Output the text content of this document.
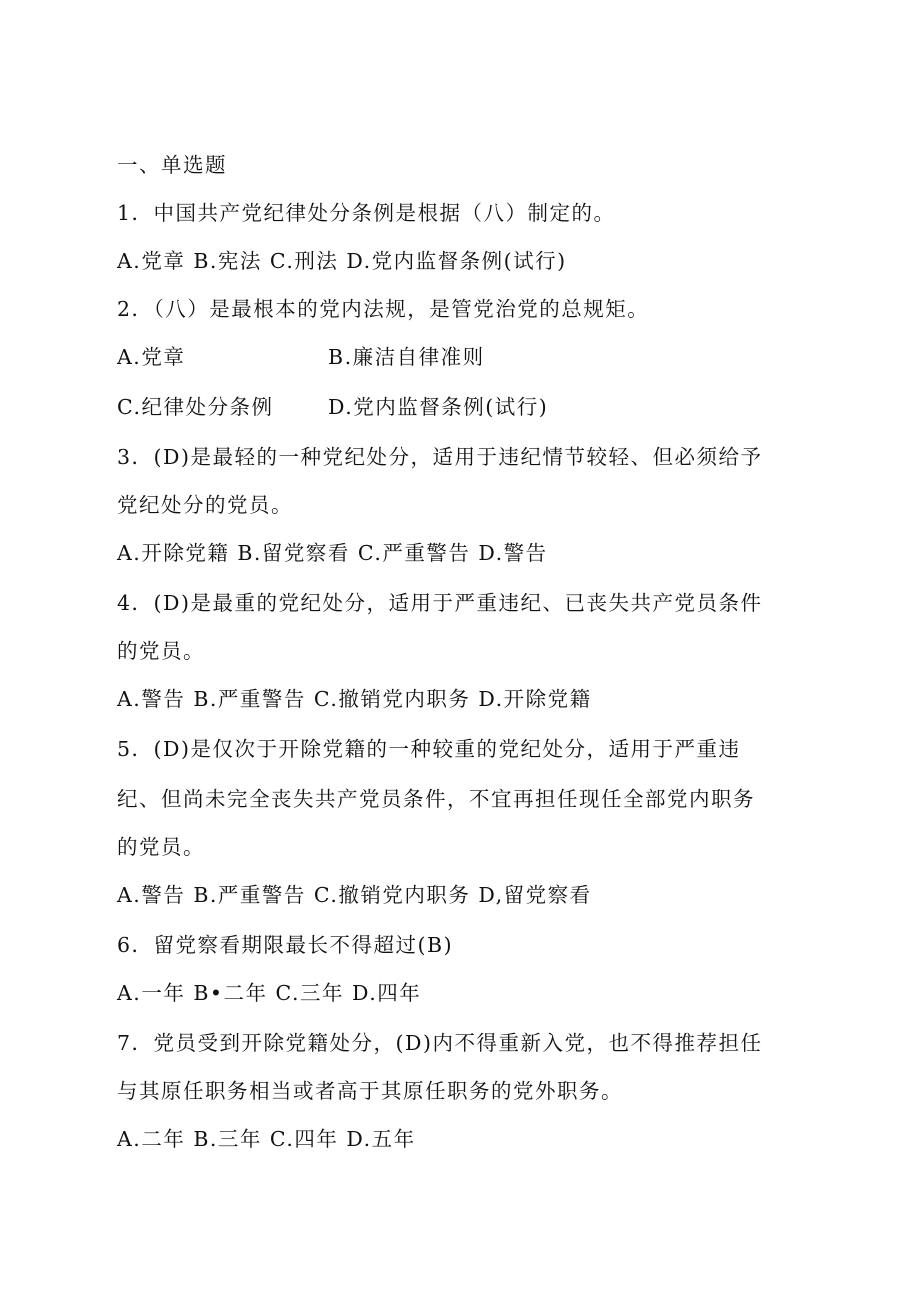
一、单选题
1．中国共产党纪律处分条例是根据（八）制定的。
A.党章 B.宪法 C.刑法 D.党内监督条例(试行)
2．（八）是最根本的党内法规，是管党治党的总规矩。
A.党章	B.廉洁自律准则
C.纪律处分条例	D.党内监督条例(试行)
3．(D)是最轻的一种党纪处分，适用于违纪情节较轻、但必须给予
党纪处分的党员。
A.开除党籍 B.留党察看 C.严重警告 D.警告
4．(D)是最重的党纪处分，适用于严重违纪、已丧失共产党员条件
的党员。
A.警告 B.严重警告 C.撤销党内职务 D.开除党籍
5．(D)是仅次于开除党籍的一种较重的党纪处分，适用于严重违
纪、但尚未完全丧失共产党员条件，不宜再担任现任全部党内职务
的党员。
A.警告 B.严重警告 C.撤销党内职务 D,留党察看
6．留党察看期限最长不得超过(B)
A.一年 B•二年 C.三年 D.四年
7．党员受到开除党籍处分，(D)内不得重新入党，也不得推荐担任
与其原任职务相当或者高于其原任职务的党外职务。
A.二年 B.三年 C.四年 D.五年
